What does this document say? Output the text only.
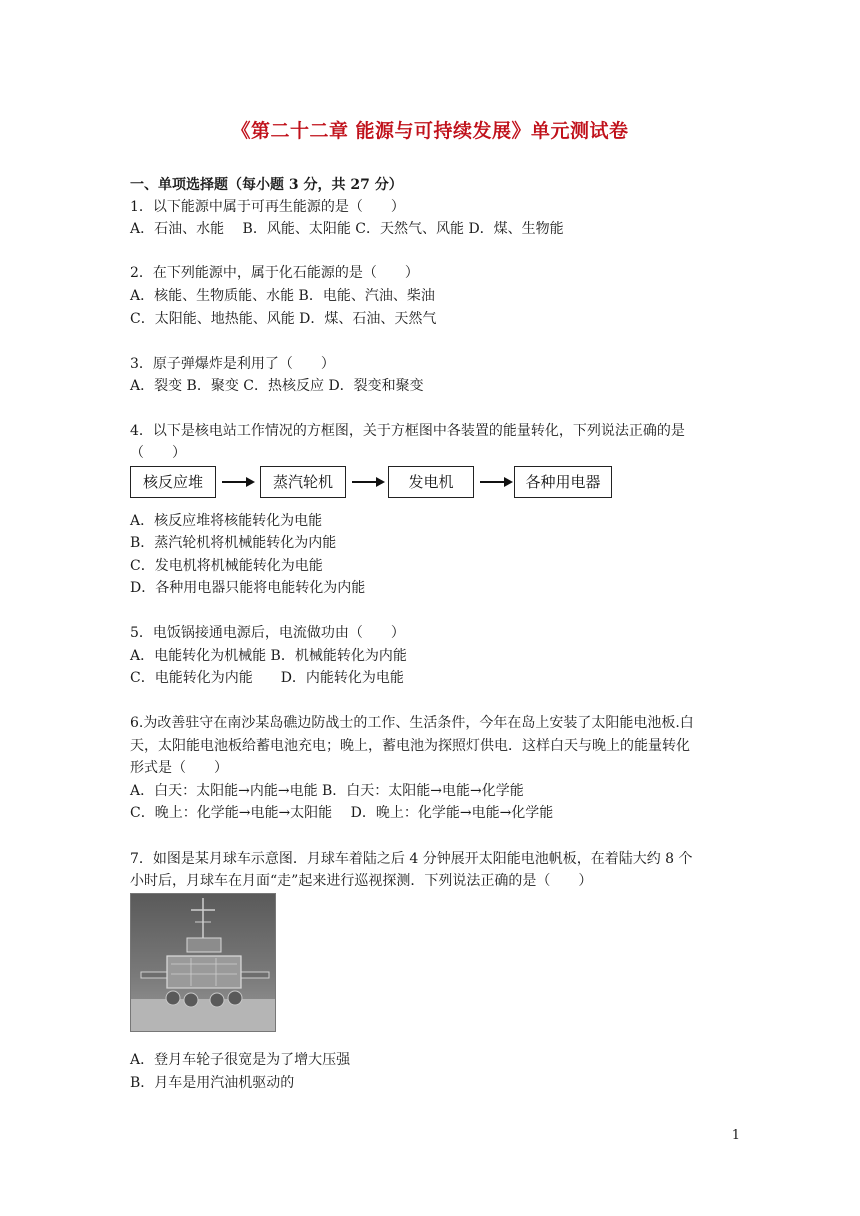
《第二十二章 能源与可持续发展》单元测试卷
一、单项选择题（每小题 3 分，共 27 分）
1．以下能源中属于可再生能源的是（　　）
A．石油、水能　 B．风能、太阳能 C．天然气、风能 D．煤、生物能
2．在下列能源中，属于化石能源的是（　　）
A．核能、生物质能、水能 B．电能、汽油、柴油
C．太阳能、地热能、风能 D．煤、石油、天然气
3．原子弹爆炸是利用了（　　）
A．裂变 B．聚变 C．热核反应 D．裂变和聚变
4．以下是核电站工作情况的方框图，关于方框图中各装置的能量转化，下列说法正确的是
（　　）
核反应堆	蒸汽轮机	发电机	各种用电器
A．核反应堆将核能转化为电能
B．蒸汽轮机将机械能转化为内能
C．发电机将机械能转化为电能
D．各种用电器只能将电能转化为内能
5．电饭锅接通电源后，电流做功由（　　）
A．电能转化为机械能 B．机械能转化为内能
C．电能转化为内能　　D．内能转化为电能
6.为改善驻守在南沙某岛礁边防战士的工作、生活条件，今年在岛上安装了太阳能电池板.白
天，太阳能电池板给蓄电池充电；晚上，蓄电池为探照灯供电．这样白天与晚上的能量转化
形式是（　　）
A．白天：太阳能→内能→电能 B．白天：太阳能→电能→化学能
C．晚上：化学能→电能→太阳能　 D．晚上：化学能→电能→化学能
7．如图是某月球车示意图．月球车着陆之后 4 分钟展开太阳能电池帆板，在着陆大约 8 个
小时后，月球车在月面“走”起来进行巡视探测．下列说法正确的是（　　）
A．登月车轮子很宽是为了增大压强
B．月车是用汽油机驱动的
1
